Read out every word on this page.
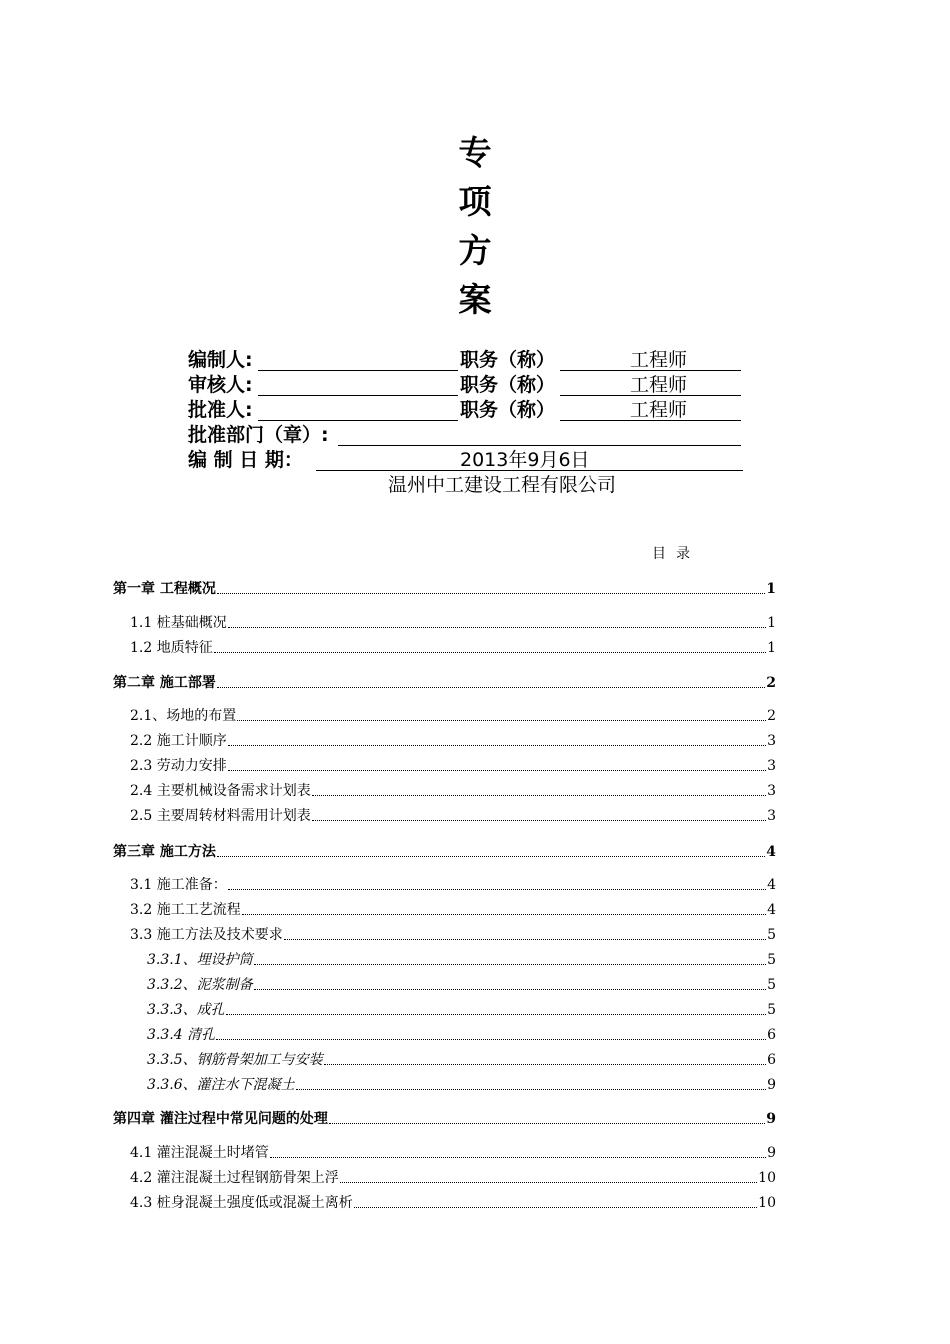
专
项
方
案
编制人:	职务（称）	工程师
审核人:	职务（称）	工程师
批准人:	职务（称）	工程师
批准部门（章）:
编 制 日 期：	2013年9月6日
温州中工建设工程有限公司
目录
第一章 工程概况	1
1.1 桩基础概况	1
1.2 地质特征	1
第二章 施工部署	2
2.1、场地的布置	2
2.2 施工计顺序	3
2.3 劳动力安排	3
2.4 主要机械设备需求计划表	3
2.5 主要周转材料需用计划表	3
第三章 施工方法	4
3.1 施工准备：	4
3.2 施工工艺流程	4
3.3 施工方法及技术要求	5
3.3.1、埋设护筒	5
3.3.2、泥浆制备	5
3.3.3、成孔	5
3.3.4 清孔	6
3.3.5、钢筋骨架加工与安装	6
3.3.6、灌注水下混凝土	9
第四章 灌注过程中常见问题的处理	9
4.1 灌注混凝土时堵管	9
4.2 灌注混凝土过程钢筋骨架上浮	10
4.3 桩身混凝土强度低或混凝土离析	10
